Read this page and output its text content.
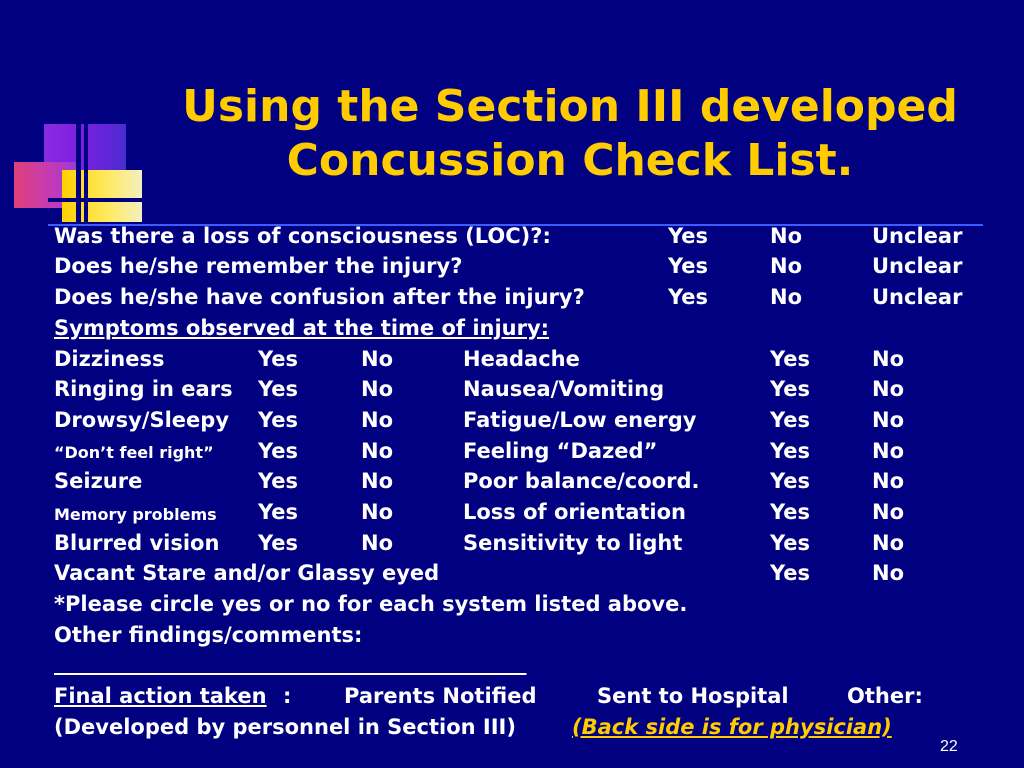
Using the Section III developed
Concussion Check List.
Was there a loss of consciousness (LOC)?:	Yes	No	Unclear
Does he/she remember the injury?	Yes	No	Unclear
Does he/she have confusion after the injury?	Yes	No	Unclear
Symptoms observed at the time of injury:
Dizziness	Yes	No	Headache	Yes	No
Ringing in ears Yes	No	Nausea/Vomiting	Yes	No
Drowsy/Sleepy Yes	No	Fatigue/Low energy	Yes	No
“Don’t feel right” Yes	No	Feeling “Dazed”	Yes	No
Seizure	Yes	No	Poor balance/coord.	Yes	No
Memory problems Yes	No	Loss of orientation	Yes	No
Blurred vision Yes	No	Sensitivity to light	Yes	No
Vacant Stare and/or Glassy eyed	Yes	No
*Please circle yes or no for each system listed above.
Other findings/comments:
_____________________________________________
Final action taken :	Parents Notified	Sent to Hospital	Other:
(Developed by personnel in Section III)	(Back side is for physician)
22
